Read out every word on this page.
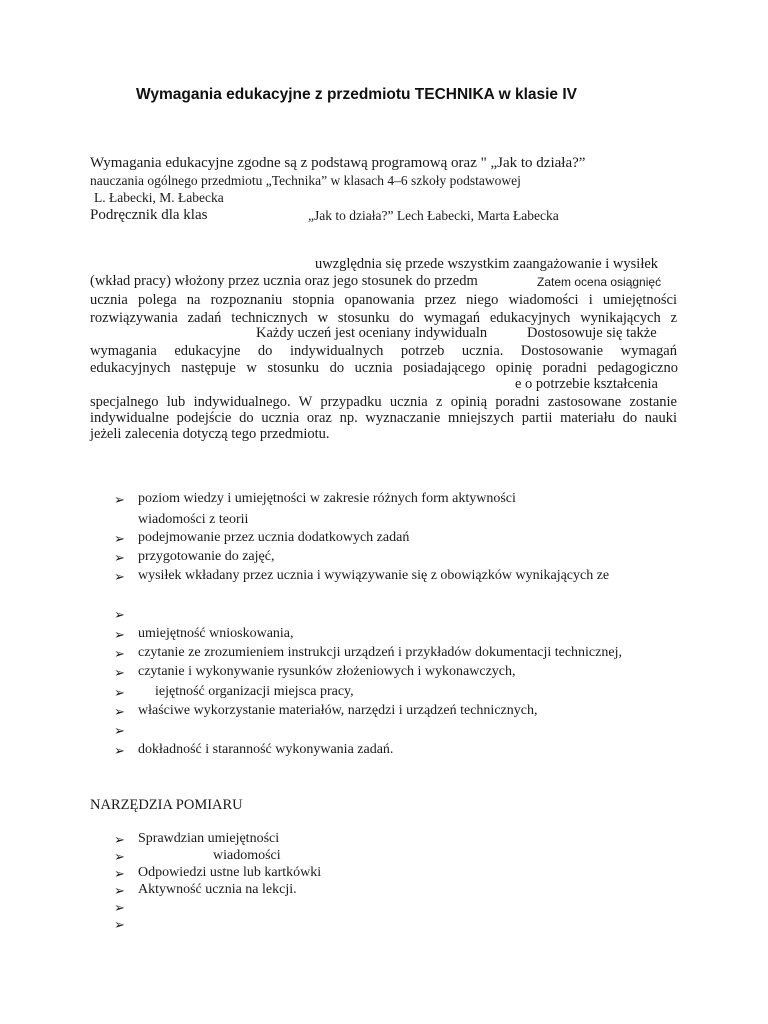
Wymagania edukacyjne z przedmiotu TECHNIKA w klasie IV
Wymagania edukacyjne zgodne są z podstawą programową oraz " „Jak to działa?”
nauczania ogólnego przedmiotu „Technika” w klasach 4–6 szkoły podstawowej
L. Łabecki, M. Łabecka
Podręcznik dla klas	„Jak to działa?” Lech Łabecki, Marta Łabecka
uwzględnia się przede wszystkim zaangażowanie i wysiłek
(wkład pracy) włożony przez ucznia oraz jego stosunek do przedm	Zatem ocena osiągnięć
ucznia polega na rozpoznaniu stopnia opanowania przez niego wiadomości i umiejętności
rozwiązywania zadań technicznych w stosunku do wymagań edukacyjnych wynikających z
Każdy uczeń jest oceniany indywidualn	Dostosowuje się także
wymagania edukacyjne do indywidualnych potrzeb ucznia. Dostosowanie wymagań
edukacyjnych następuje w stosunku do ucznia posiadającego opinię poradni pedagogiczno
e o potrzebie kształcenia
specjalnego lub indywidualnego. W przypadku ucznia z opinią poradni zastosowane zostanie
indywidualne podejście do ucznia oraz np. wyznaczanie mniejszych partii materiału do nauki
jeżeli zalecenia dotyczą tego przedmiotu.
➢ poziom wiedzy i umiejętności w zakresie różnych form aktywności
wiadomości z teorii
➢ podejmowanie przez ucznia dodatkowych zadań
➢ przygotowanie do zajęć,
➢ wysiłek wkładany przez ucznia i wywiązywanie się z obowiązków wynikających ze
➢
➢ umiejętność wnioskowania,
➢ czytanie ze zrozumieniem instrukcji urządzeń i przykładów dokumentacji technicznej,
➢ czytanie i wykonywanie rysunków złożeniowych i wykonawczych,
➢ iejętność organizacji miejsca pracy,
➢ właściwe wykorzystanie materiałów, narzędzi i urządzeń technicznych,
➢
➢ dokładność i staranność wykonywania zadań.
NARZĘDZIA POMIARU
➢ Sprawdzian umiejętności
➢	wiadomości
➢ Odpowiedzi ustne lub kartkówki
➢ Aktywność ucznia na lekcji.
➢
➢
